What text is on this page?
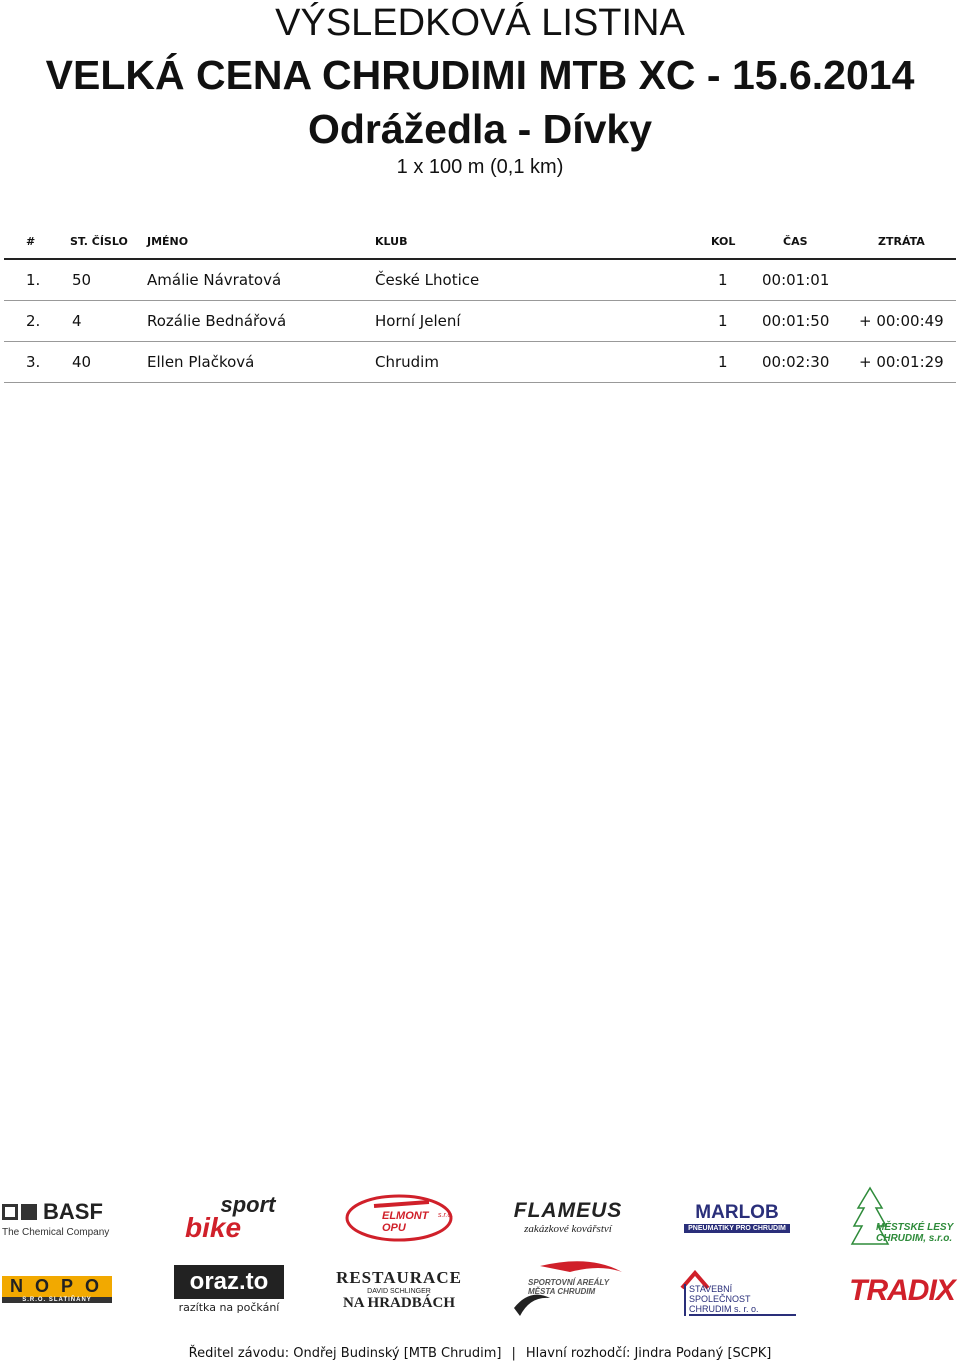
VÝSLEDKOVÁ LISTINA
VELKÁ CENA CHRUDIMI MTB XC - 15.6.2014
Odrážedla - Dívky
1 x 100 m (0,1 km)
#	ST. ČÍSLO JMÉNO	KLUB	KOL	ČAS	ZTRÁTA
1. 50	Amálie Návratová	České Lhotice	1 00:01:01
2. 4	Rozálie Bednářová	Horní Jelení	1 00:01:50 + 00:00:49
3. 40	Ellen Plačková	Chrudim	1 00:02:30 + 00:01:29
BASF
The Chemical Company
sport
bike	ELMONT OPU
s.r.o.	FLAMEUS
zakázkové kovářství
MARLOB
PNEUMATIKY PRO CHRUDIM	MĚSTSKÉ LESY
CHRUDIM, s.r.o.
NOPO
S.R.O. SLATIŇANY
oraz.to
razítka na počkání
RESTAURACE
DAVID SCHLINGER
NA HRADBÁCH
SPORTOVNÍ AREÁLY
MĚSTA CHRUDIM	STAVEBNÍ SPOLEČNOST
CHRUDIM s. r. o.
TRADIX
Ředitel závodu: Ondřej Budinský [MTB Chrudim] | Hlavní rozhodčí: Jindra Podaný [SCPK]
